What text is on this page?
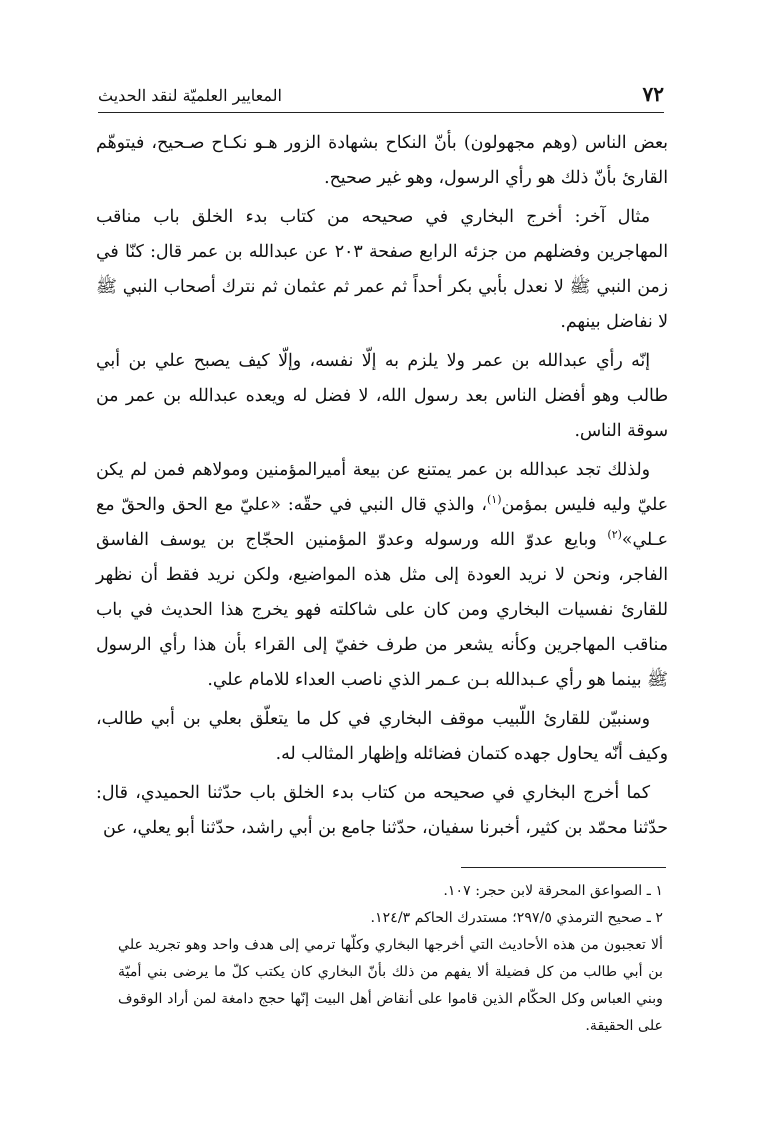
٧٢
المعايير العلميّة لنقد الحديث

بعض الناس (وهم مجهولون) بأنّ النكاح بشهادة الزور هـو نكـاح صـحيح، فيتوهّم القارئ بأنّ ذلك هو رأي الرسول، وهو غير صحيح.

مثال آخر: أخرج البخاري في صحيحه من كتاب بدء الخلق باب مناقب المهاجرين وفضلهم من جزئه الرابع صفحة ٢٠٣ عن عبدالله بن عمر قال: كنّا في زمن النبي ﷺ لا نعدل بأبي بكر أحداً ثم عمر ثم عثمان ثم نترك أصحاب النبي ﷺ لا نفاضل بينهم.

إنّه رأي عبدالله بن عمر ولا يلزم به إلّا نفسه، وإلّا كيف يصبح علي بن أبي طالب وهو أفضل الناس بعد رسول الله، لا فضل له ويعده عبدالله بن عمر من سوقة الناس.

ولذلك تجد عبدالله بن عمر يمتنع عن بيعة أميرالمؤمنين ومولاهم فمن لم يكن عليّ وليه فليس بمؤمن$^{(١)}$، والذي قال النبي في حقّه: «عليّ مع الحق والحقّ مع عـلي»$^{(٢)}$ وبايع عدوّ الله ورسوله وعدوّ المؤمنين الحجّاج بن يوسف الفاسق الفاجر، ونحن لا نريد العودة إلى مثل هذه المواضيع، ولكن نريد فقط أن نظهر للقارئ نفسيات البخاري ومن كان على شاكلته فهو يخرج هذا الحديث في باب مناقب المهاجرين وكأنه يشعر من طرف خفيّ إلى القراء بأن هذا رأي الرسول ﷺ بينما هو رأي عـبدالله بـن عـمر الذي ناصب العداء للامام علي.

وسنبيّن للقارئ اللّبيب موقف البخاري في كل ما يتعلّق بعلي بن أبي طالب، وكيف أنّه يحاول جهده كتمان فضائله وإظهار المثالب له.

كما أخرج البخاري في صحيحه من كتاب بدء الخلق باب حدّثنا الحميدي، قال: حدّثنا محمّد بن كثير، أخبرنا سفيان، حدّثنا جامع بن أبي راشد، حدّثنا أبو يعلي، عن

١ ـ الصواعق المحرقة لابن حجر: ١٠٧.

٢ ـ صحيح الترمذي ٢٩٧/٥؛ مستدرك الحاكم ١٢٤/٣.

ألا تعجبون من هذه الأحاديث التي أخرجها البخاري وكلّها ترمي إلى هدف واحد وهو تجريد علي بن أبي طالب من كل فضيلة ألا يفهم من ذلك بأنّ البخاري كان يكتب كلّ ما يرضى بني أميّة وبني العباس وكل الحكّام الذين قاموا على أنقاض أهل البيت إنّها حجج دامغة لمن أراد الوقوف على الحقيقة.
